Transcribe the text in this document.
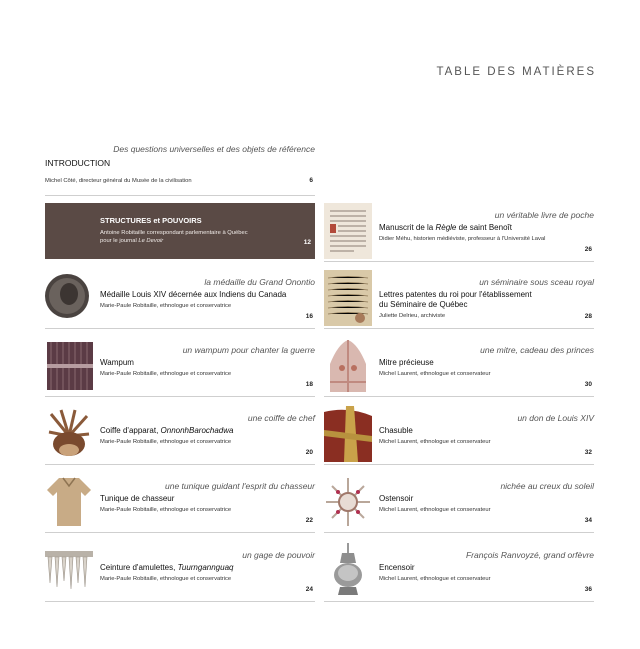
TABLE DES MATIÈRES
Des questions universelles et des objets de référence
INTRODUCTION
Michel Côté, directeur général du Musée de la civilisation	6
STRUCTURES et POUVOIRS
Antoine Robitaille correspondant parlementaire à Québec
pour le journal Le Devoir	12
la médaille du Grand Onontio
Médaille Louis XIV décernée aux Indiens du Canada
Marie-Paule Robitaille, ethnologue et conservatrice
16
un wampum pour chanter la guerre
Wampum
Marie-Paule Robitaille, ethnologue et conservatrice
18
une coiffe de chef
Coiffe d'apparat, OnnonhBarochadwa
Marie-Paule Robitaille, ethnologue et conservatrice
20
une tunique guidant l'esprit du chasseur
Tunique de chasseur
Marie-Paule Robitaille, ethnologue et conservatrice
22
un gage de pouvoir
Ceinture d'amulettes, Tuurngannguaq
Marie-Paule Robitaille, ethnologue et conservatrice
24
un véritable livre de poche
Manuscrit de la Règle de saint Benoît
Didier Méhu, historien médiéviste, professeur à l'Université Laval
26
un séminaire sous sceau royal
Lettres patentes du roi pour l'établissement
du Séminaire de Québec
Juliette Delrieu, archiviste	28
une mitre, cadeau des princes
Mitre précieuse
Michel Laurent, ethnologue et conservateur
30
un don de Louis XIV
Chasuble
Michel Laurent, ethnologue et conservateur
32
nichée au creux du soleil
Ostensoir
Michel Laurent, ethnologue et conservateur
34
François Ranvoyzé, grand orfèvre
Encensoir
Michel Laurent, ethnologue et conservateur
36
